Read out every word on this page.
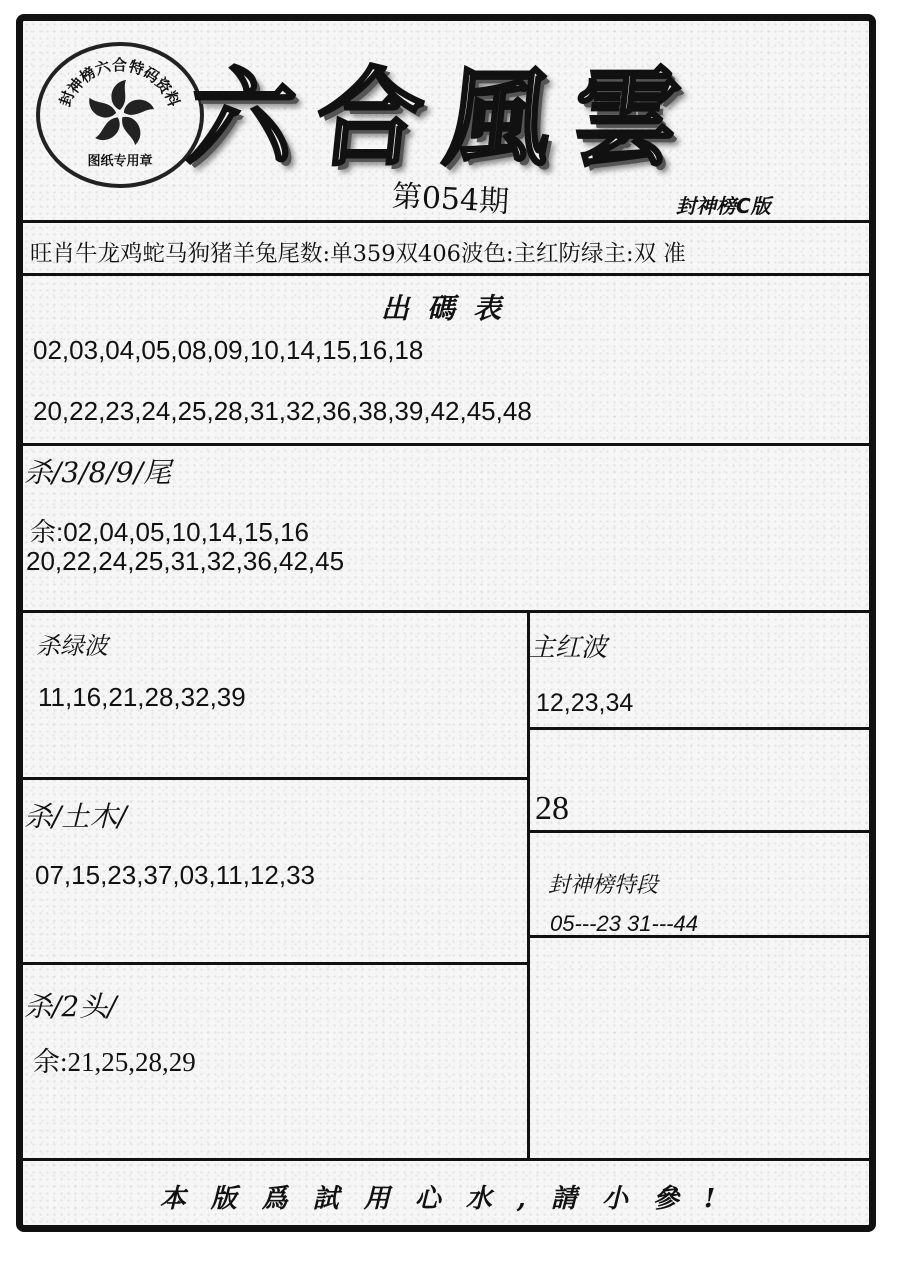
图纸专用章
封
神
榜
六 合 特
码
资
料 六合風雲
第054期	封神榜C版
旺肖牛龙鸡蛇马狗猪羊兔尾数:单359双406波色:主红防绿主:双 准
出碼表
02,03,04,05,08,09,10,14,15,16,18
20,22,23,24,25,28,31,32,36,38,39,42,45,48
杀/3/8/9/尾
余:02,04,05,10,14,15,16
20,22,24,25,31,32,36,42,45
杀绿波
11,16,21,28,32,39
主红波
12,23,34
28
杀/土木/
07,15,23,37,03,11,12,33	封神榜特段
05---23 31---44
杀/2头/
余:21,25,28,29
本版爲試用心水,請小參!
